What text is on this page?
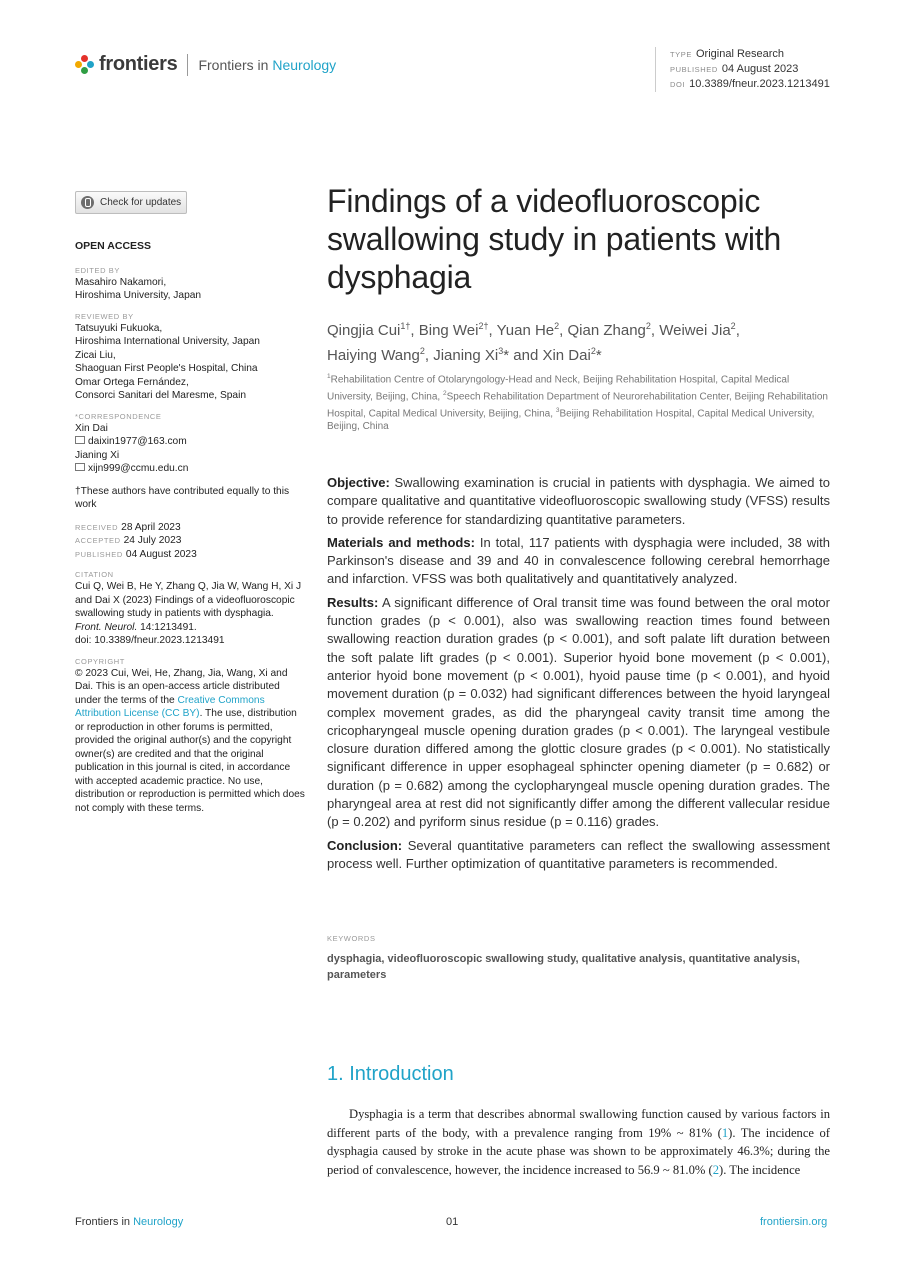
frontiers Frontiers in Neurology
TYPE Original Research
PUBLISHED 04 August 2023
DOI 10.3389/fneur.2023.1213491
Check for updates
OPEN ACCESS
EDITED BY
Masahiro Nakamori,
Hiroshima University, Japan
REVIEWED BY
Tatsuyuki Fukuoka,
Hiroshima International University, Japan
Zicai Liu,
Shaoguan First People's Hospital, China
Omar Ortega Fernández,
Consorci Sanitari del Maresme, Spain
*CORRESPONDENCE
Xin Dai
daixin1977@163.com
Jianing Xi
xijn999@ccmu.edu.cn
†These authors have contributed equally to this work
RECEIVED 28 April 2023
ACCEPTED 24 July 2023
PUBLISHED 04 August 2023
CITATION
Cui Q, Wei B, He Y, Zhang Q, Jia W, Wang H, Xi J and Dai X (2023) Findings of a videofluoroscopic swallowing study in patients with dysphagia.
Front. Neurol. 14:1213491.
doi: 10.3389/fneur.2023.1213491
COPYRIGHT
© 2023 Cui, Wei, He, Zhang, Jia, Wang, Xi and Dai. This is an open-access article distributed under the terms of the Creative Commons Attribution License (CC BY). The use, distribution or reproduction in other forums is permitted, provided the original author(s) and the copyright owner(s) are credited and that the original publication in this journal is cited, in accordance with accepted academic practice. No use, distribution or reproduction is permitted which does not comply with these terms.
Findings of a videofluoroscopic swallowing study in patients with dysphagia
Qingjia Cui$^{1\dagger}$, Bing Wei$^{2\dagger}$, Yuan He$^2$, Qian Zhang$^2$, Weiwei Jia$^2$,
Haiying Wang$^2$, Jianing Xi$^3$* and Xin Dai$^2$*
$^1$Rehabilitation Centre of Otolaryngology-Head and Neck, Beijing Rehabilitation Hospital, Capital Medical University, Beijing, China, $^2$Speech Rehabilitation Department of Neurorehabilitation Center, Beijing Rehabilitation Hospital, Capital Medical University, Beijing, China, $^3$Beijing Rehabilitation Hospital, Capital Medical University, Beijing, China

Objective: Swallowing examination is crucial in patients with dysphagia. We aimed to compare qualitative and quantitative videofluoroscopic swallowing study (VFSS) results to provide reference for standardizing quantitative parameters.

Materials and methods: In total, 117 patients with dysphagia were included, 38 with Parkinson's disease and 39 and 40 in convalescence following cerebral hemorrhage and infarction. VFSS was both qualitatively and quantitatively analyzed.

Results: A significant difference of Oral transit time was found between the oral motor function grades (p < 0.001), also was swallowing reaction times found between swallowing reaction duration grades (p < 0.001), and soft palate lift duration between the soft palate lift grades (p < 0.001). Superior hyoid bone movement (p < 0.001), anterior hyoid bone movement (p < 0.001), hyoid pause time (p < 0.001), and hyoid movement duration (p = 0.032) had significant differences between the hyoid laryngeal complex movement grades, as did the pharyngeal cavity transit time among the cricopharyngeal muscle opening duration grades (p < 0.001). The laryngeal vestibule closure duration differed among the glottic closure grades (p < 0.001). No statistically significant difference in upper esophageal sphincter opening diameter (p = 0.682) or duration (p = 0.682) among the cyclopharyngeal muscle opening duration grades. The pharyngeal area at rest did not significantly differ among the different vallecular residue (p = 0.202) and pyriform sinus residue (p = 0.116) grades.

Conclusion: Several quantitative parameters can reflect the swallowing assessment process well. Further optimization of quantitative parameters is recommended.

KEYWORDS
dysphagia, videofluoroscopic swallowing study, qualitative analysis, quantitative analysis, parameters
1. Introduction
Dysphagia is a term that describes abnormal swallowing function caused by various factors in different parts of the body, with a prevalence ranging from 19% ~ 81% (1). The incidence of dysphagia caused by stroke in the acute phase was shown to be approximately 46.3%; during the period of convalescence, however, the incidence increased to 56.9 ~ 81.0% (2). The incidence
Frontiers in Neurology	01	frontiersin.org
